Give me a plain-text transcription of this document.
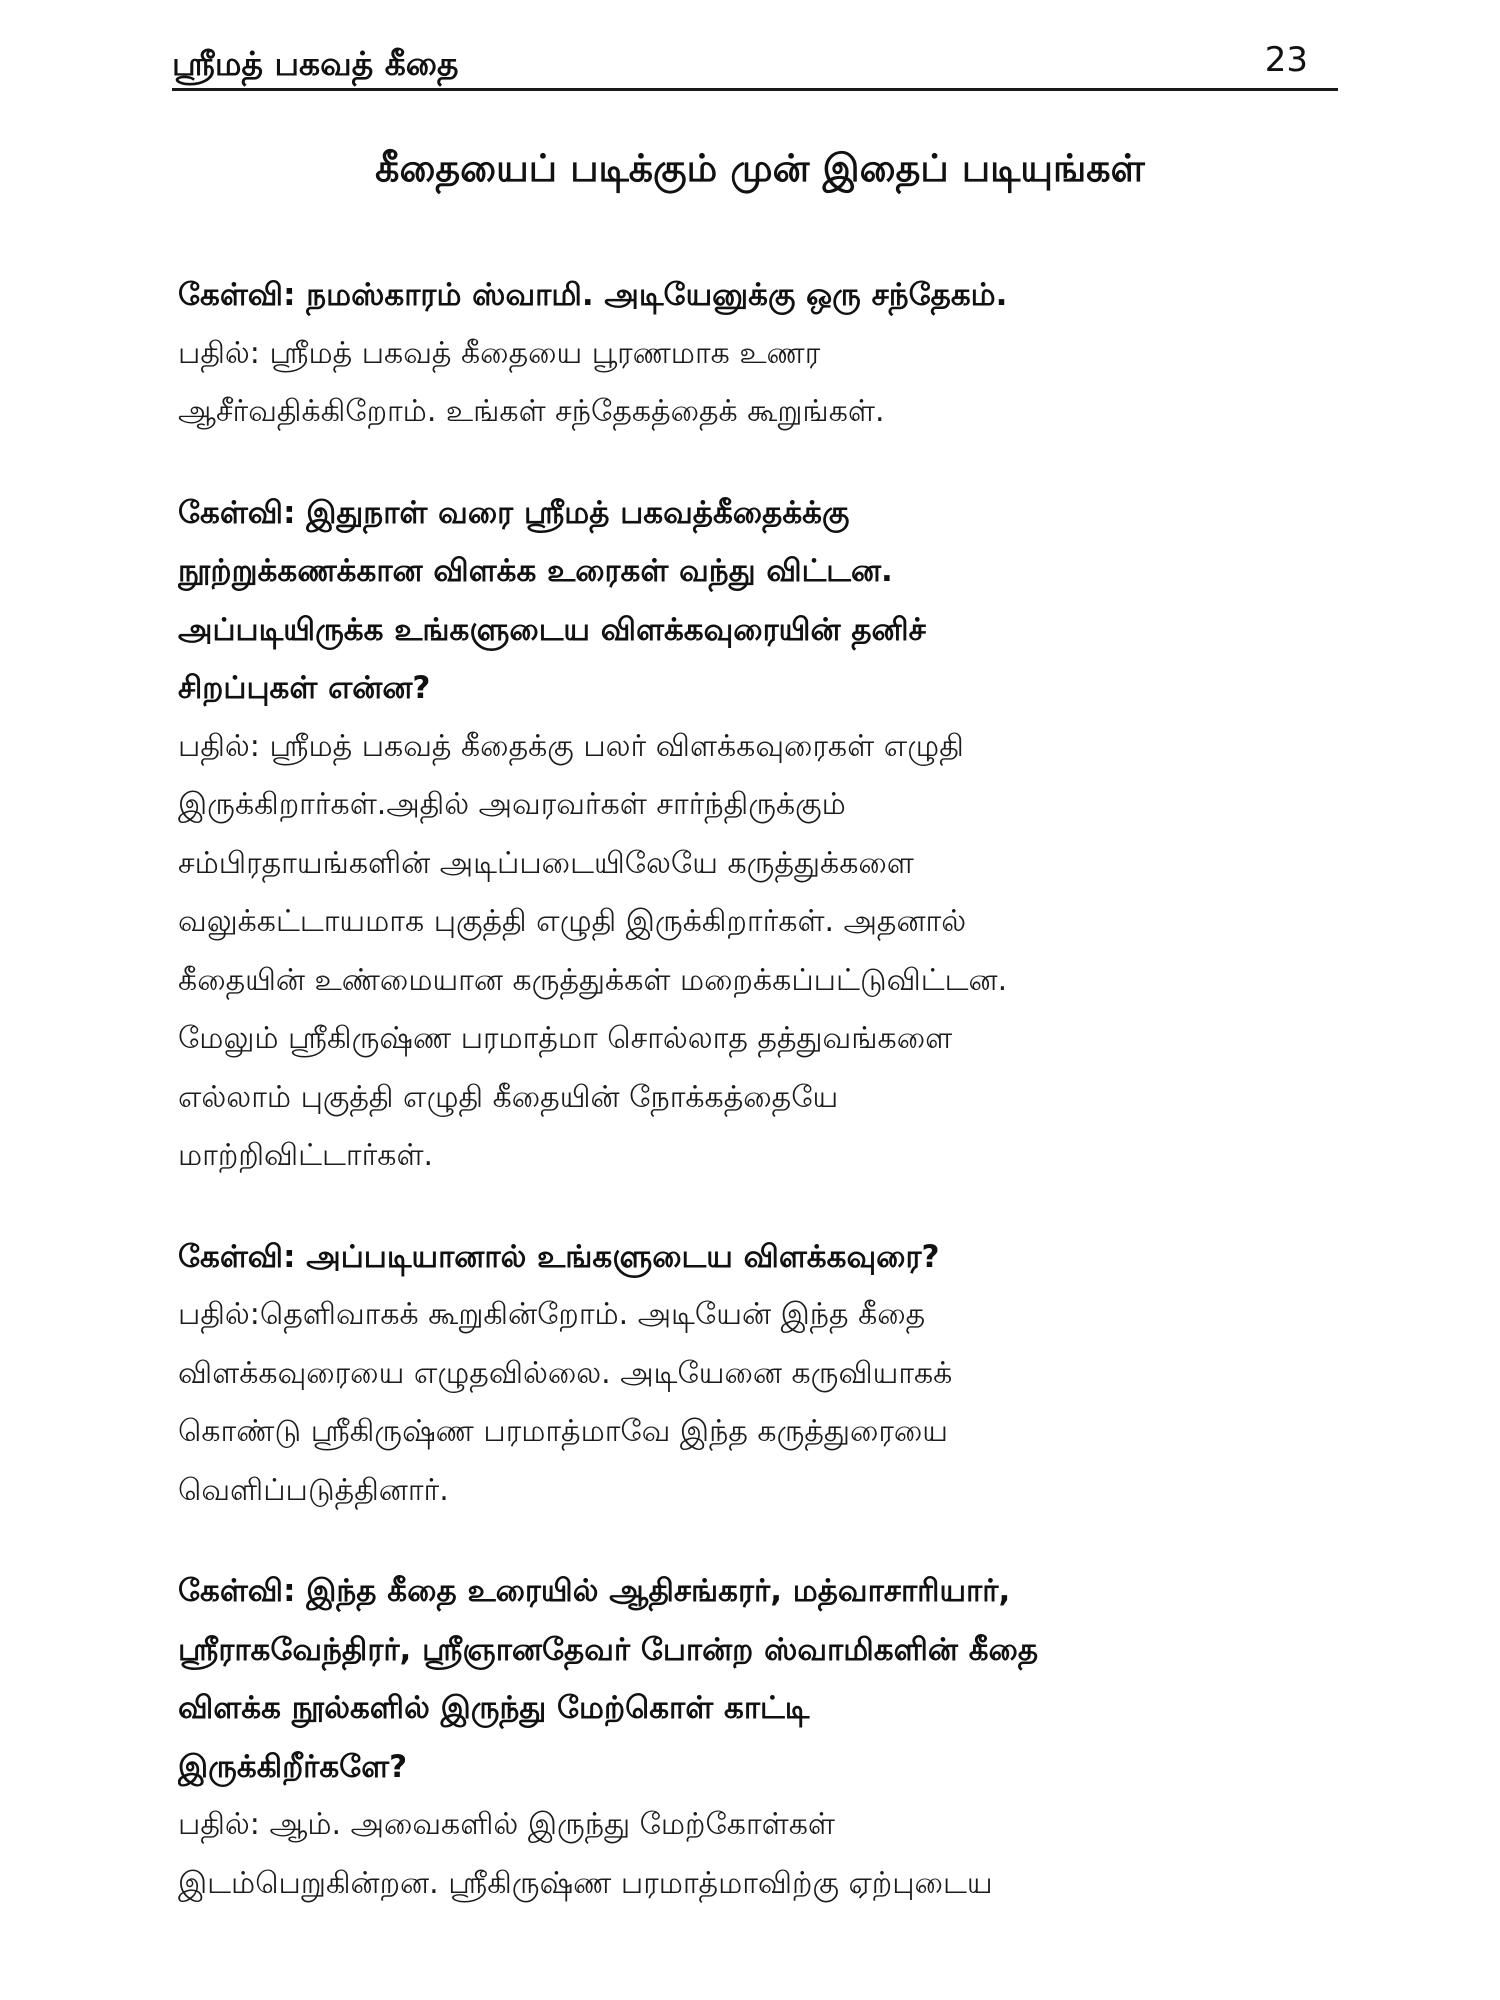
ஸ்ரீமத் பகவத் கீதை	23
கீதையைப் படிக்கும் முன் இதைப் படியுங்கள்
கேள்வி: நமஸ்காரம் ஸ்வாமி. அடியேனுக்கு ஒரு சந்தேகம்.
பதில்: ஸ்ரீமத் பகவத் கீதையை பூரணமாக உணர
ஆசீர்வதிக்கிறோம். உங்கள் சந்தேகத்தைக் கூறுங்கள்.
கேள்வி: இதுநாள் வரை ஸ்ரீமத் பகவத்கீதைக்க்கு
நூற்றுக்கணக்கான விளக்க உரைகள் வந்து விட்டன.
அப்படியிருக்க உங்களுடைய விளக்கவுரையின் தனிச்
சிறப்புகள் என்ன?
பதில்: ஸ்ரீமத் பகவத் கீதைக்கு பலர் விளக்கவுரைகள் எழுதி
இருக்கிறார்கள்.அதில் அவரவர்கள் சார்ந்திருக்கும்
சம்பிரதாயங்களின் அடிப்படையிலேயே கருத்துக்களை
வலுக்கட்டாயமாக புகுத்தி எழுதி இருக்கிறார்கள். அதனால்
கீதையின் உண்மையான கருத்துக்கள் மறைக்கப்பட்டுவிட்டன.
மேலும் ஸ்ரீகிருஷ்ண பரமாத்மா சொல்லாத தத்துவங்களை
எல்லாம் புகுத்தி எழுதி கீதையின் நோக்கத்தையே
மாற்றிவிட்டார்கள்.
கேள்வி: அப்படியானால் உங்களுடைய விளக்கவுரை?
பதில்:தெளிவாகக் கூறுகின்றோம். அடியேன் இந்த கீதை
விளக்கவுரையை எழுதவில்லை. அடியேனை கருவியாகக்
கொண்டு ஸ்ரீகிருஷ்ண பரமாத்மாவே இந்த கருத்துரையை
வெளிப்படுத்தினார்.
கேள்வி: இந்த கீதை உரையில் ஆதிசங்கரர், மத்வாசாரியார்,
ஸ்ரீராகவேந்திரர், ஸ்ரீஞானதேவர் போன்ற ஸ்வாமிகளின் கீதை
விளக்க நூல்களில் இருந்து மேற்கொள் காட்டி
இருக்கிறீர்களே?
பதில்: ஆம். அவைகளில் இருந்து மேற்கோள்கள்
இடம்பெறுகின்றன. ஸ்ரீகிருஷ்ண பரமாத்மாவிற்கு ஏற்புடைய
